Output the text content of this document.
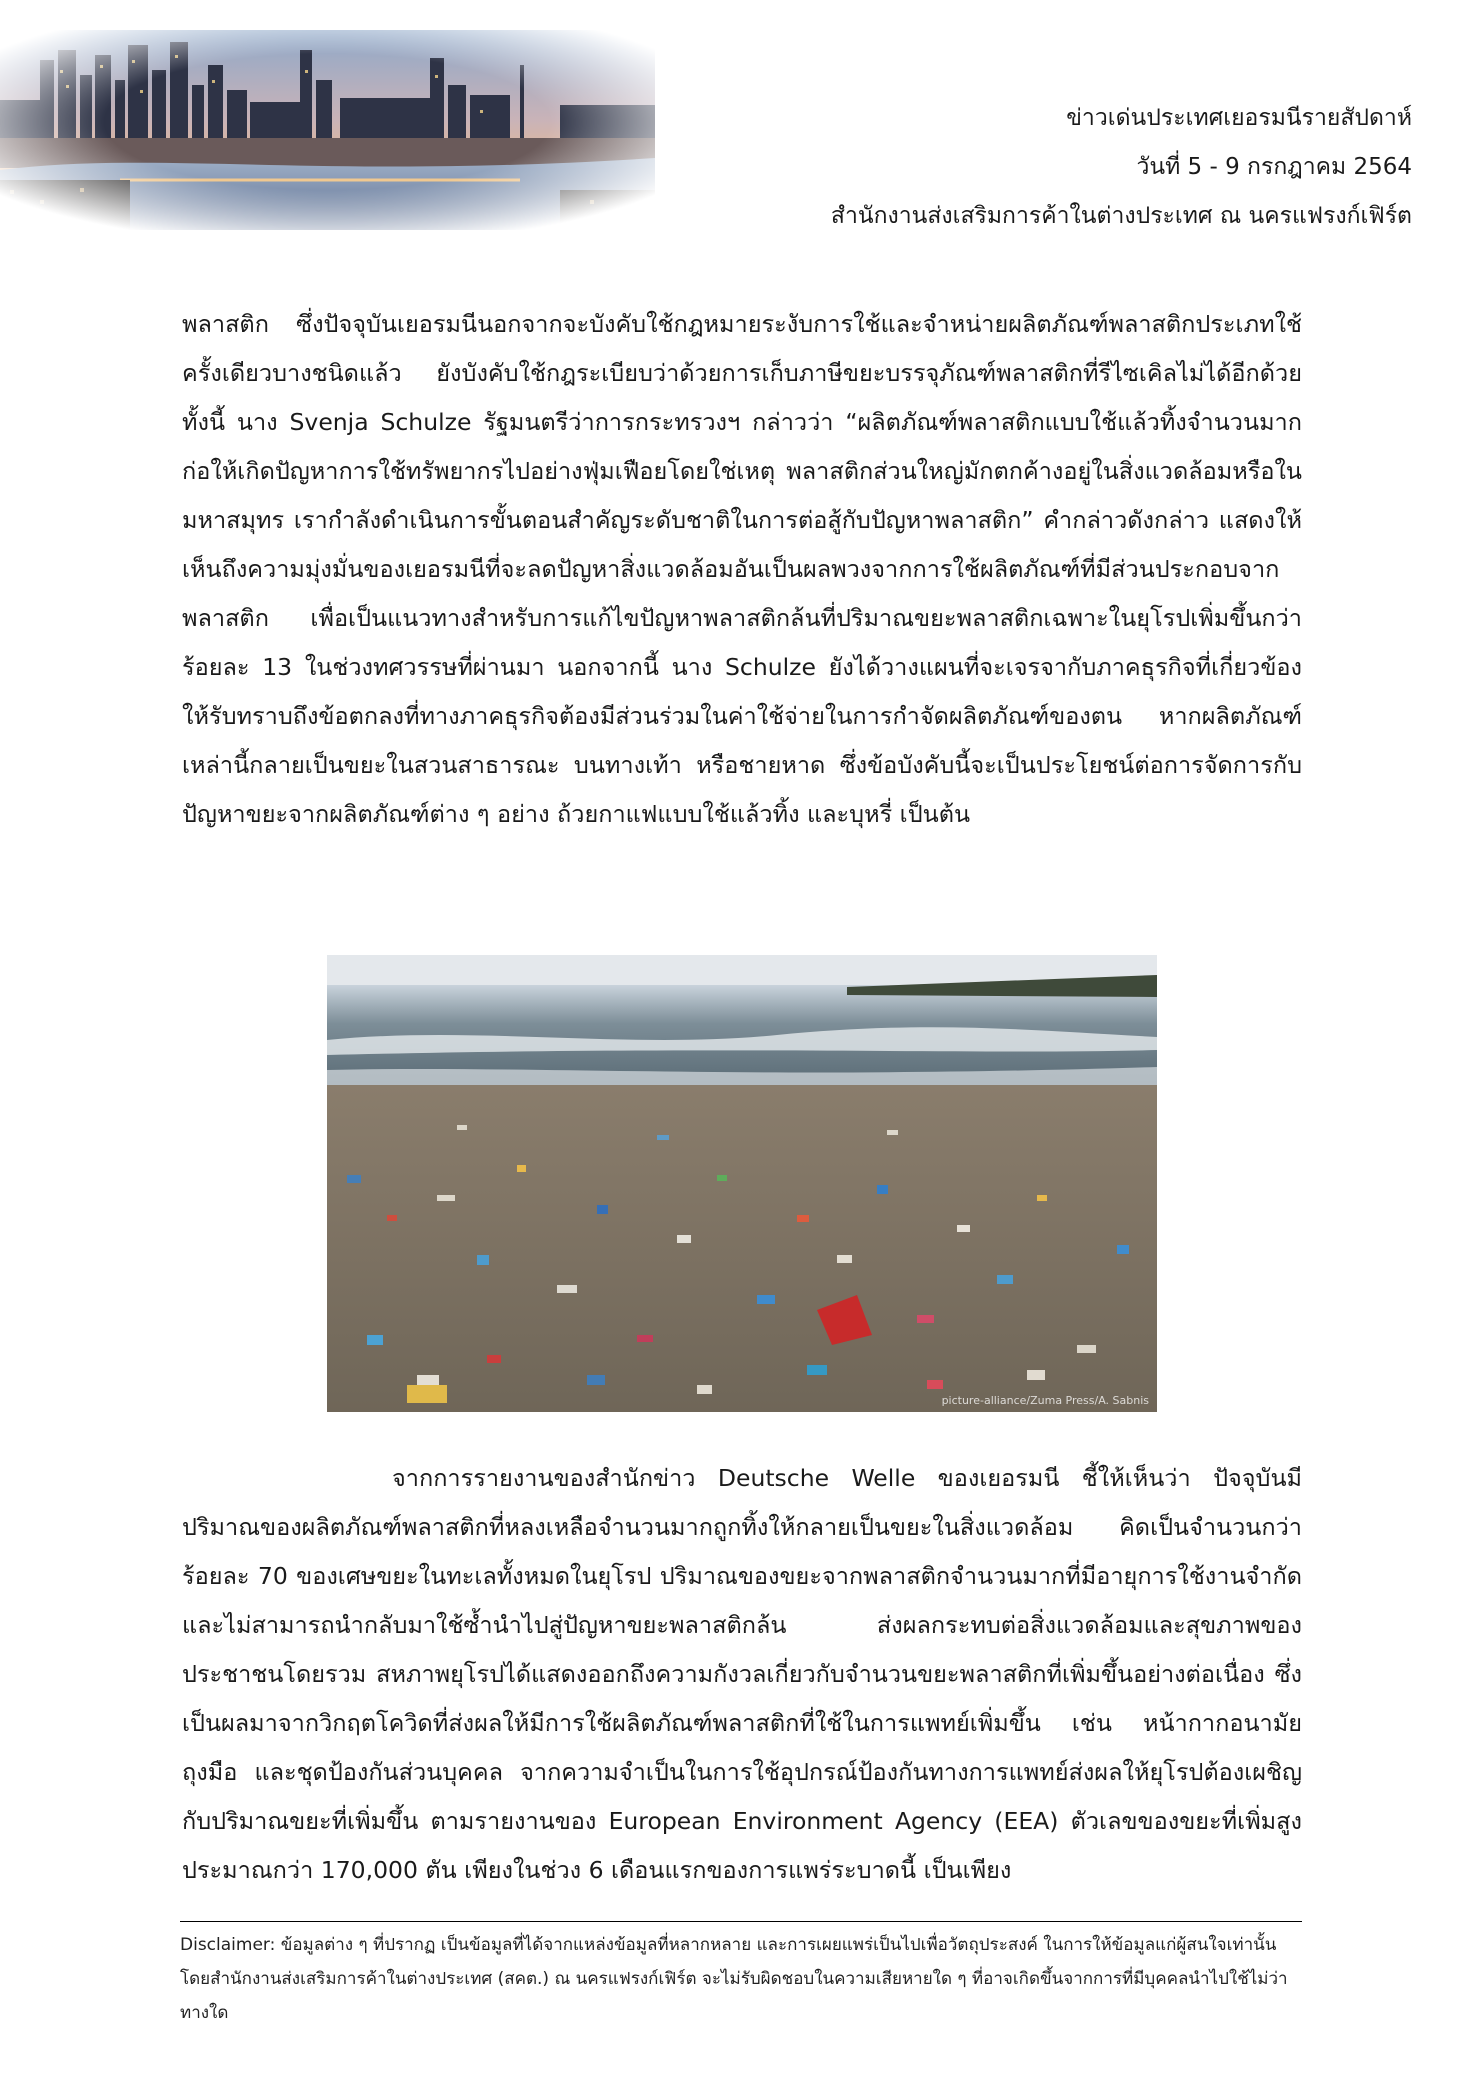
ข่าวเด่นประเทศเยอรมนีรายสัปดาห์
วันที่ 5 - 9 กรกฎาคม 2564
สำนักงานส่งเสริมการค้าในต่างประเทศ ณ นครแฟรงก์เฟิร์ต

พลาสติก ซึ่งปัจจุบันเยอรมนีนอกจากจะบังคับใช้กฎหมายระงับการใช้และจำหน่ายผลิตภัณฑ์พลาสติกประเภทใช้ครั้งเดียวบางชนิดแล้ว ยังบังคับใช้กฎระเบียบว่าด้วยการเก็บภาษีขยะบรรจุภัณฑ์พลาสติกที่รีไซเคิลไม่ได้อีกด้วย ทั้งนี้ นาง Svenja Schulze รัฐมนตรีว่าการกระทรวงฯ กล่าวว่า “ผลิตภัณฑ์พลาสติกแบบใช้แล้วทิ้งจำนวนมากก่อให้เกิดปัญหาการใช้ทรัพยากรไปอย่างฟุ่มเฟือยโดยใช่เหตุ พลาสติกส่วนใหญ่มักตกค้างอยู่ในสิ่งแวดล้อมหรือในมหาสมุทร เรากำลังดำเนินการขั้นตอนสำคัญระดับชาติในการต่อสู้กับปัญหาพลาสติก” คำกล่าวดังกล่าว แสดงให้เห็นถึงความมุ่งมั่นของเยอรมนีที่จะลดปัญหาสิ่งแวดล้อมอันเป็นผลพวงจากการใช้ผลิตภัณฑ์ที่มีส่วนประกอบจากพลาสติก เพื่อเป็นแนวทางสำหรับการแก้ไขปัญหาพลาสติกล้นที่ปริมาณขยะพลาสติกเฉพาะในยุโรปเพิ่มขึ้นกว่าร้อยละ 13 ในช่วงทศวรรษที่ผ่านมา นอกจากนี้ นาง Schulze ยังได้วางแผนที่จะเจรจากับภาคธุรกิจที่เกี่ยวข้อง ให้รับทราบถึงข้อตกลงที่ทางภาคธุรกิจต้องมีส่วนร่วมในค่าใช้จ่ายในการกำจัดผลิตภัณฑ์ของตน หากผลิตภัณฑ์เหล่านี้กลายเป็นขยะในสวนสาธารณะ บนทางเท้า หรือชายหาด ซึ่งข้อบังคับนี้จะเป็นประโยชน์ต่อการจัดการกับปัญหาขยะจากผลิตภัณฑ์ต่าง ๆ อย่าง ถ้วยกาแฟแบบใช้แล้วทิ้ง และบุหรี่ เป็นต้น

picture-alliance/Zuma Press/A. Sabnis

จากการรายงานของสำนักข่าว Deutsche Welle ของเยอรมนี ชี้ให้เห็นว่า ปัจจุบันมีปริมาณของผลิตภัณฑ์พลาสติกที่หลงเหลือจำนวนมากถูกทิ้งให้กลายเป็นขยะในสิ่งแวดล้อม คิดเป็นจำนวนกว่าร้อยละ 70 ของเศษขยะในทะเลทั้งหมดในยุโรป ปริมาณของขยะจากพลาสติกจำนวนมากที่มีอายุการใช้งานจำกัดและไม่สามารถนำกลับมาใช้ซ้ำนำไปสู่ปัญหาขยะพลาสติกล้น ส่งผลกระทบต่อสิ่งแวดล้อมและสุขภาพของประชาชนโดยรวม สหภาพยุโรปได้แสดงออกถึงความกังวลเกี่ยวกับจำนวนขยะพลาสติกที่เพิ่มขึ้นอย่างต่อเนื่อง ซึ่งเป็นผลมาจากวิกฤตโควิดที่ส่งผลให้มีการใช้ผลิตภัณฑ์พลาสติกที่ใช้ในการแพทย์เพิ่มขึ้น เช่น หน้ากากอนามัย ถุงมือ และชุดป้องกันส่วนบุคคล จากความจำเป็นในการใช้อุปกรณ์ป้องกันทางการแพทย์ส่งผลให้ยุโรปต้องเผชิญกับปริมาณขยะที่เพิ่มขึ้น ตามรายงานของ European Environment Agency (EEA) ตัวเลขของขยะที่เพิ่มสูงประมาณกว่า 170,000 ตัน เพียงในช่วง 6 เดือนแรกของการแพร่ระบาดนี้ เป็นเพียง

Disclaimer: ข้อมูลต่าง ๆ ที่ปรากฏ เป็นข้อมูลที่ได้จากแหล่งข้อมูลที่หลากหลาย และการเผยแพร่เป็นไปเพื่อวัตถุประสงค์ ในการให้ข้อมูลแก่ผู้สนใจเท่านั้น โดยสำนักงานส่งเสริมการค้าในต่างประเทศ (สคต.) ณ นครแฟรงก์เฟิร์ต จะไม่รับผิดชอบในความเสียหายใด ๆ ที่อาจเกิดขึ้นจากการที่มีบุคคลนำไปใช้ไม่ว่าทางใด
